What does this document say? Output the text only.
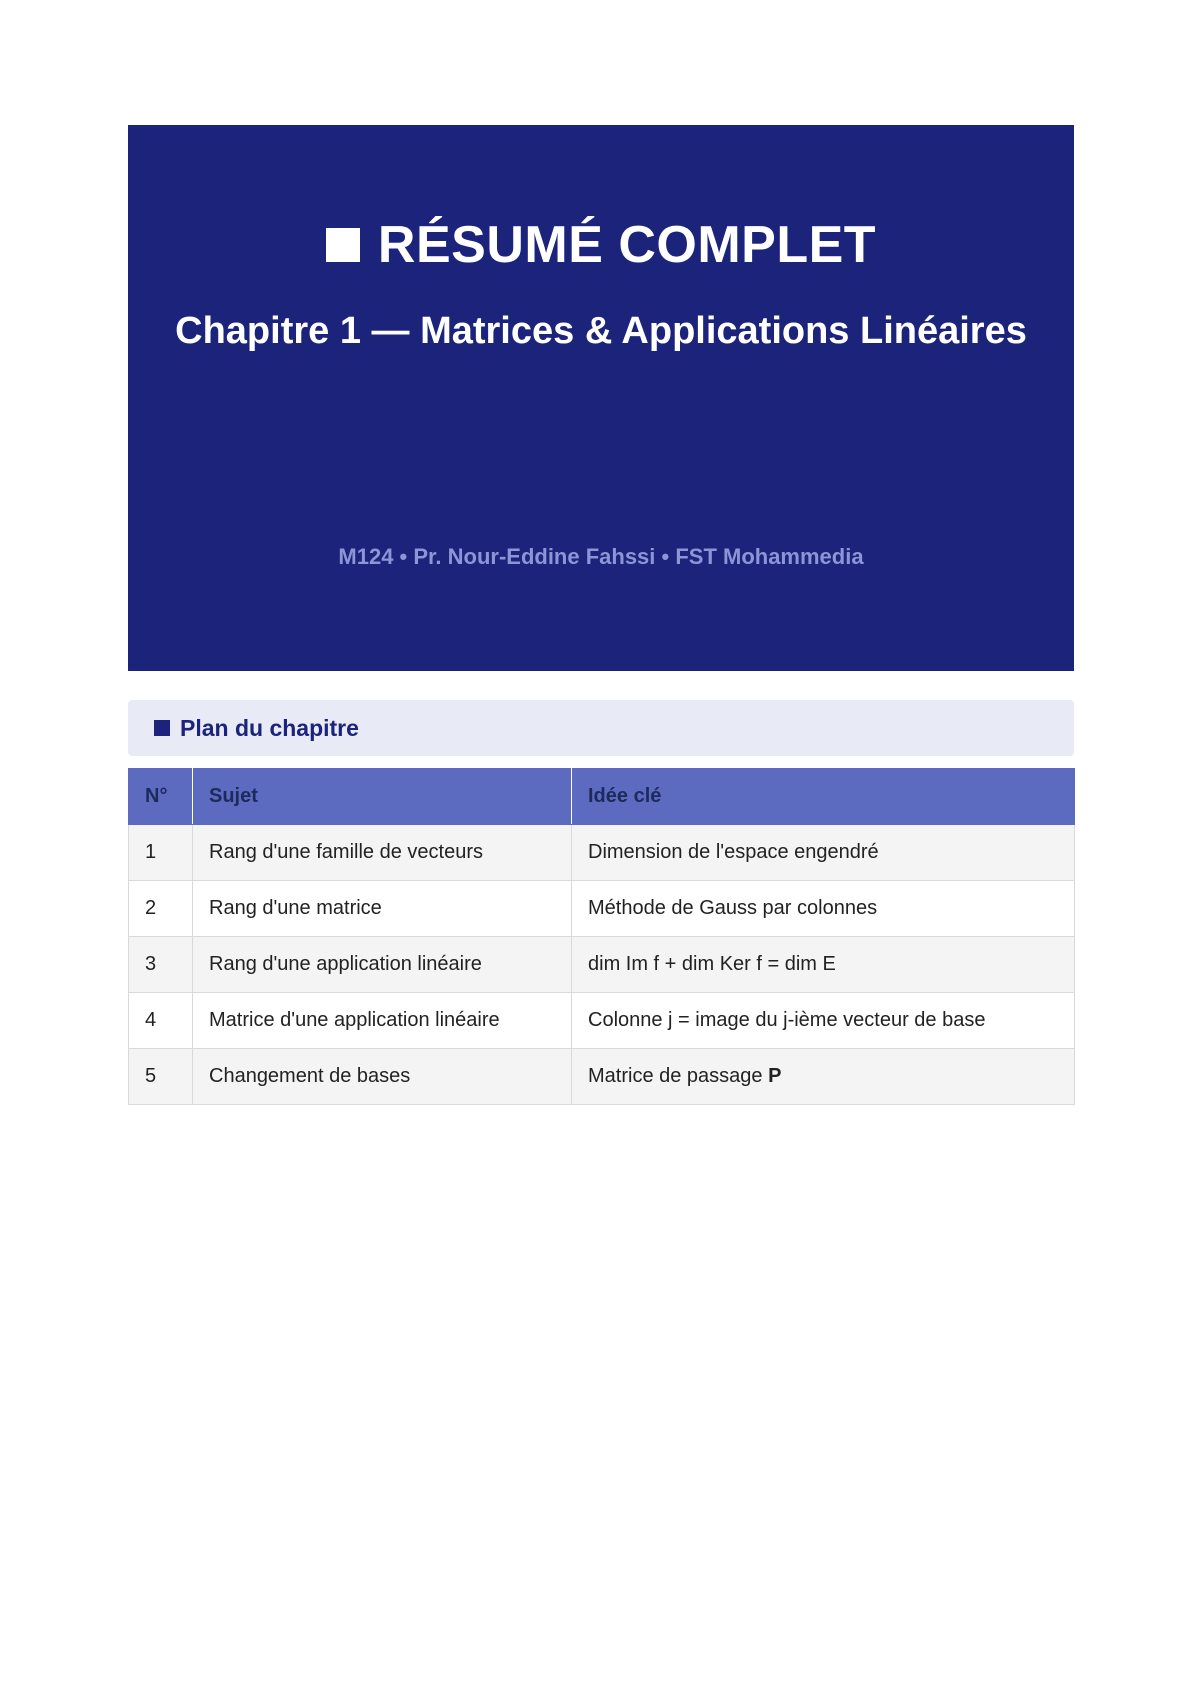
RÉSUMÉ COMPLET
Chapitre 1 — Matrices & Applications Linéaires
M124 • Pr. Nour-Eddine Fahssi • FST Mohammedia
Plan du chapitre
N°	Sujet	Idée clé
1	Rang d'une famille de vecteurs	Dimension de l'espace engendré
2	Rang d'une matrice	Méthode de Gauss par colonnes
3	Rang d'une application linéaire	dim Im f + dim Ker f = dim E
4	Matrice d'une application linéaire	Colonne j = image du j-ième vecteur de base
5	Changement de bases	Matrice de passage P
